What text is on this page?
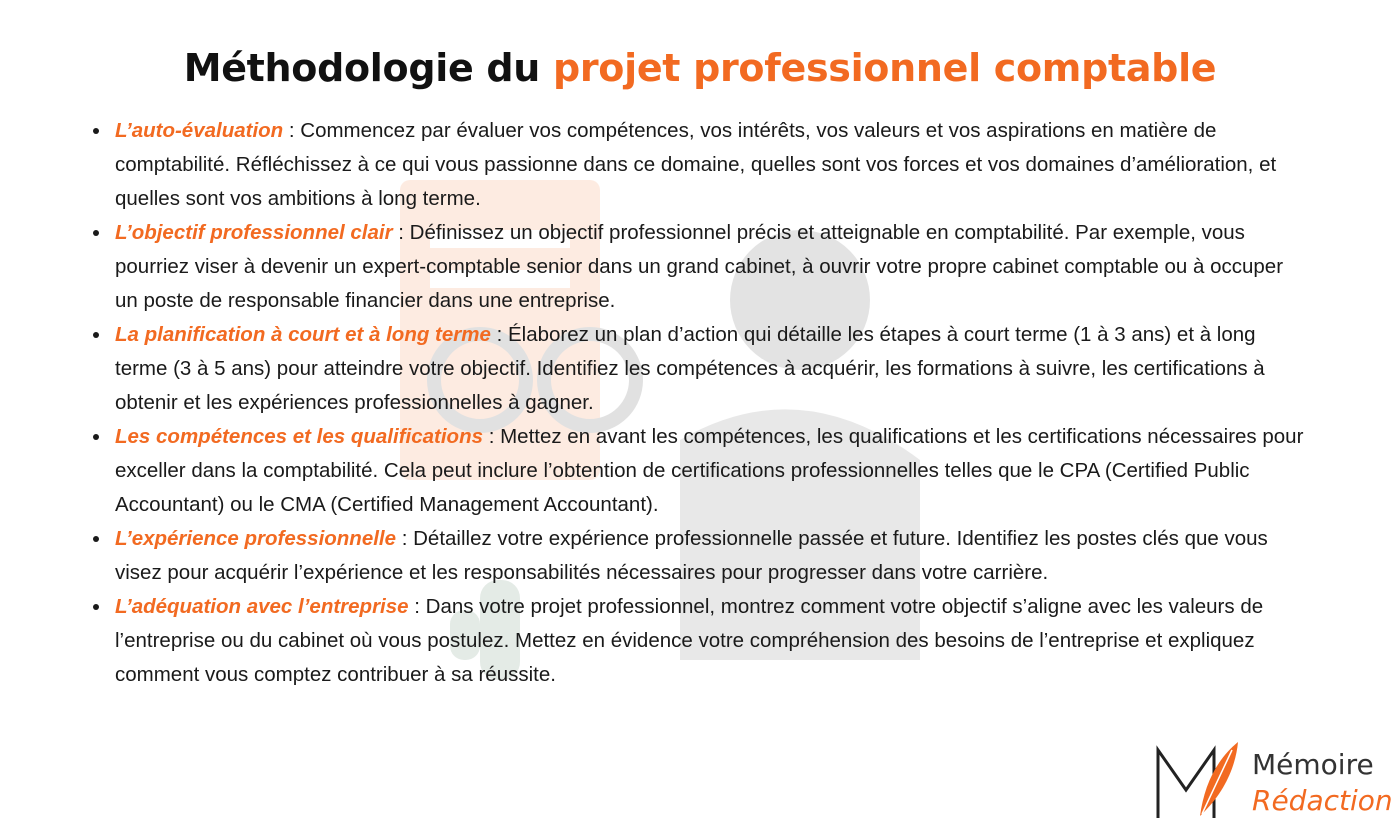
Méthodologie du projet professionnel comptable
L’auto-évaluation : Commencez par évaluer vos compétences, vos intérêts, vos valeurs et vos aspirations en matière de comptabilité. Réfléchissez à ce qui vous passionne dans ce domaine, quelles sont vos forces et vos domaines d’amélioration, et quelles sont vos ambitions à long terme.
L’objectif professionnel clair : Définissez un objectif professionnel précis et atteignable en comptabilité. Par exemple, vous pourriez viser à devenir un expert-comptable senior dans un grand cabinet, à ouvrir votre propre cabinet comptable ou à occuper un poste de responsable financier dans une entreprise.
La planification à court et à long terme : Élaborez un plan d’action qui détaille les étapes à court terme (1 à 3 ans) et à long terme (3 à 5 ans) pour atteindre votre objectif. Identifiez les compétences à acquérir, les formations à suivre, les certifications à obtenir et les expériences professionnelles à gagner.
Les compétences et les qualifications : Mettez en avant les compétences, les qualifications et les certifications nécessaires pour exceller dans la comptabilité. Cela peut inclure l’obtention de certifications professionnelles telles que le CPA (Certified Public Accountant) ou le CMA (Certified Management Accountant).
L’expérience professionnelle : Détaillez votre expérience professionnelle passée et future. Identifiez les postes clés que vous visez pour acquérir l’expérience et les responsabilités nécessaires pour progresser dans votre carrière.
L’adéquation avec l’entreprise : Dans votre projet professionnel, montrez comment votre objectif s’aligne avec les valeurs de l’entreprise ou du cabinet où vous postulez. Mettez en évidence votre compréhension des besoins de l’entreprise et expliquez comment vous comptez contribuer à sa réussite.
Mémoire
Rédaction
